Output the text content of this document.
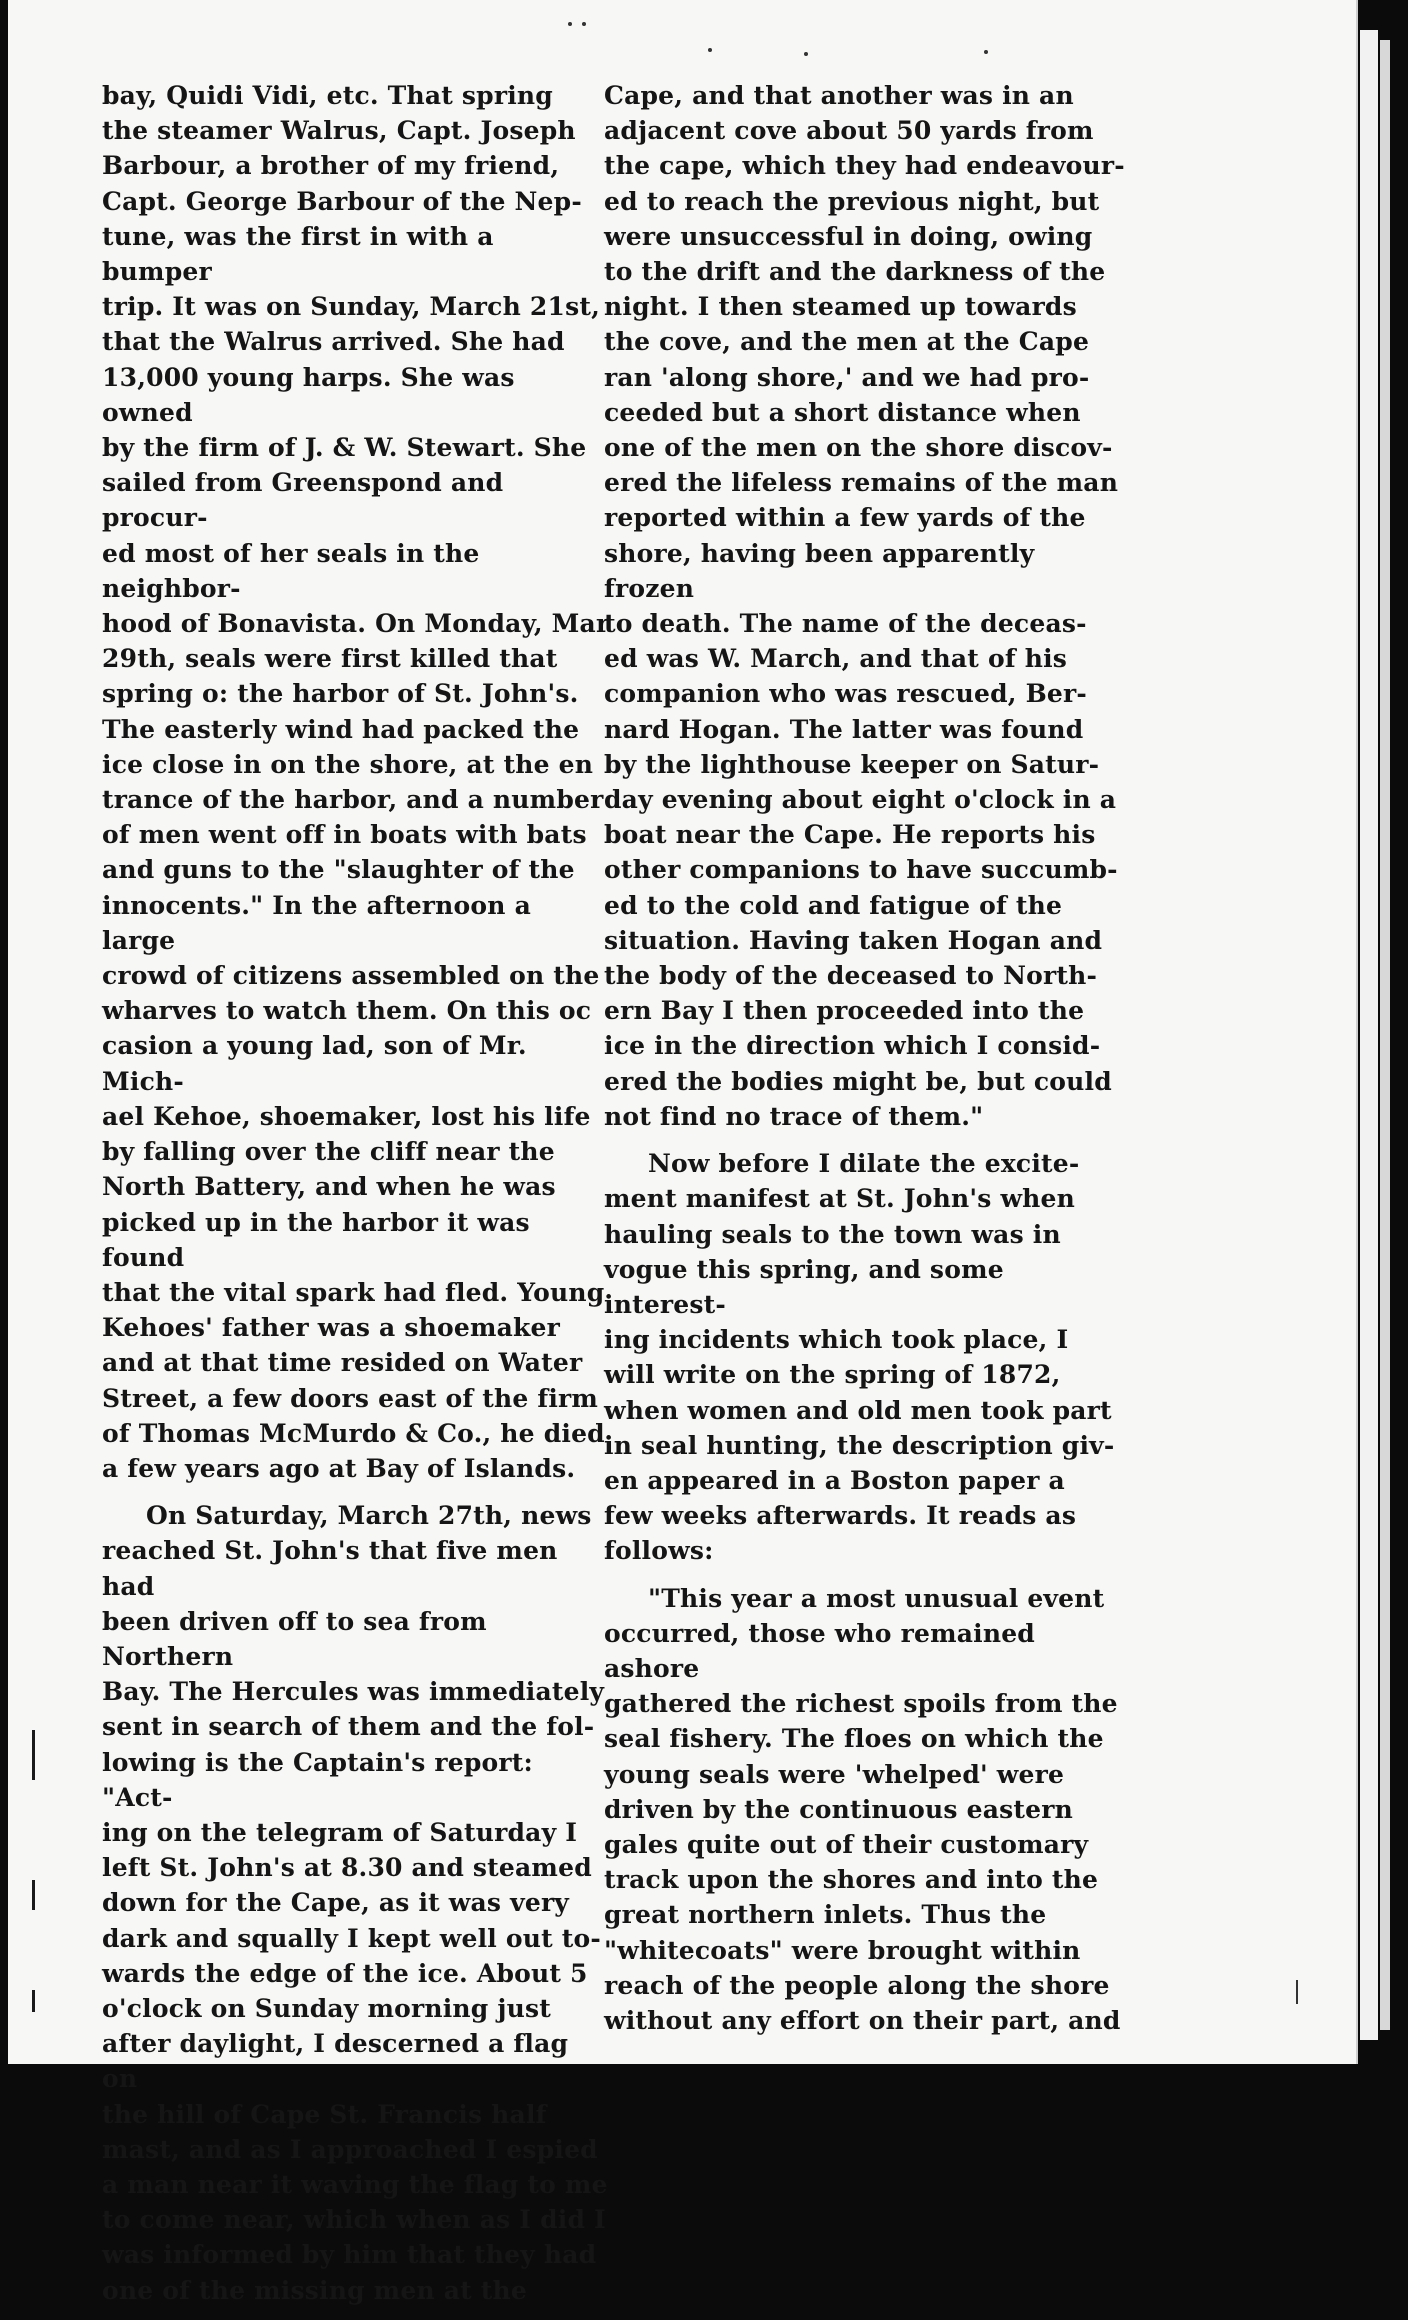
bay, Quidi Vidi, etc. That spring
the steamer Walrus, Capt. Joseph
Barbour, a brother of my friend,
Capt. George Barbour of the Nep-
tune, was the first in with a bumper
trip. It was on Sunday, March 21st,
that the Walrus arrived. She had
13,000 young harps. She was owned
by the firm of J. & W. Stewart. She
sailed from Greenspond and procur-
ed most of her seals in the neighbor-
hood of Bonavista. On Monday, Mar
29th, seals were first killed that
spring o: the harbor of St. John's.
The easterly wind had packed the
ice close in on the shore, at the en
trance of the harbor, and a number
of men went off in boats with bats
and guns to the "slaughter of the
innocents." In the afternoon a large
crowd of citizens assembled on the
wharves to watch them. On this oc
casion a young lad, son of Mr. Mich-
ael Kehoe, shoemaker, lost his life
by falling over the cliff near the
North Battery, and when he was
picked up in the harbor it was found
that the vital spark had fled. Young
Kehoes' father was a shoemaker
and at that time resided on Water
Street, a few doors east of the firm
of Thomas McMurdo & Co., he died
a few years ago at Bay of Islands.

On Saturday, March 27th, news
reached St. John's that five men had
been driven off to sea from Northern
Bay. The Hercules was immediately
sent in search of them and the fol-
lowing is the Captain's report: "Act-
ing on the telegram of Saturday I
left St. John's at 8.30 and steamed
down for the Cape, as it was very
dark and squally I kept well out to-
wards the edge of the ice. About 5
o'clock on Sunday morning just
after daylight, I descerned a flag on
the hill of Cape St. Francis half
mast, and as I approached I espied
a man near it waving the flag to me
to come near, which when as I did I
was informed by him that they had
one of the missing men at the

Cape, and that another was in an
adjacent cove about 50 yards from
the cape, which they had endeavour-
ed to reach the previous night, but
were unsuccessful in doing, owing
to the drift and the darkness of the
night. I then steamed up towards
the cove, and the men at the Cape
ran 'along shore,' and we had pro-
ceeded but a short distance when
one of the men on the shore discov-
ered the lifeless remains of the man
reported within a few yards of the
shore, having been apparently frozen
to death. The name of the deceas-
ed was W. March, and that of his
companion who was rescued, Ber-
nard Hogan. The latter was found
by the lighthouse keeper on Satur-
day evening about eight o'clock in a
boat near the Cape. He reports his
other companions to have succumb-
ed to the cold and fatigue of the
situation. Having taken Hogan and
the body of the deceased to North-
ern Bay I then proceeded into the
ice in the direction which I consid-
ered the bodies might be, but could
not find no trace of them."

Now before I dilate the excite-
ment manifest at St. John's when
hauling seals to the town was in
vogue this spring, and some interest-
ing incidents which took place, I
will write on the spring of 1872,
when women and old men took part
in seal hunting, the description giv-
en appeared in a Boston paper a
few weeks afterwards. It reads as
follows:

"This year a most unusual event
occurred, those who remained ashore
gathered the richest spoils from the
seal fishery. The floes on which the
young seals were 'whelped' were
driven by the continuous eastern
gales quite out of their customary
track upon the shores and into the
great northern inlets. Thus the
"whitecoats" were brought within
reach of the people along the shore
without any effort on their part, and
